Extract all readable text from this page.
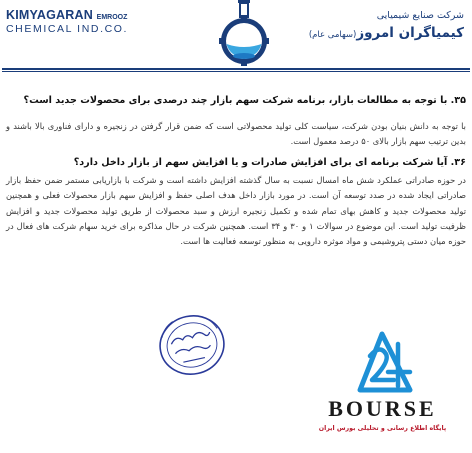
KIMYAGARAN EMROOZ
CHEMICAL IND.CO.
شرکت صنایع شیمیایی
کیمیاگران امروز(سهامی عام)
۳۵. با توجه به مطالعات بازار، برنامه شرکت سهم بازار چند درصدی برای محصولات جدید است؟
با توجه به دانش بنیان بودن شرکت، سیاست کلی تولید محصولاتی است که ضمن قرار گرفتن در زنجیره و دارای فناوری بالا باشند و بدین ترتیب سهم بازار بالای ۵۰ درصد معمول است.
۳۶. آیا شرکت برنامه ای برای افزایش صادرات و یا افزایش سهم از بازار داخل دارد؟
در حوزه صادراتی عملکرد شش ماه امسال نسبت به سال گذشته افزایش داشته است و شرکت با بازاریابی مستمر ضمن حفظ بازار صادراتی ایجاد شده در صدد توسعه آن است. در مورد بازار داخل هدف اصلی حفظ و افزایش سهم بازار محصولات فعلی و همچنین تولید محصولات جدید و کاهش بهای تمام شده و تکمیل زنجیره ارزش و سبد محصولات از طریق تولید محصولات جدید و افزایش ظرفیت تولید است. این موضوع در سوالات ۱ و ۳۰ و ۳۴ است. همچنین شرکت در حال مذاکره برای خرید سهام شرکت های فعال در حوزه میان دستی پتروشیمی و مواد موثره دارویی به منظور توسعه فعالیت ها است.
BOURSE
پایگاه اطلاع رسانی و تحلیلی بورس ایران
